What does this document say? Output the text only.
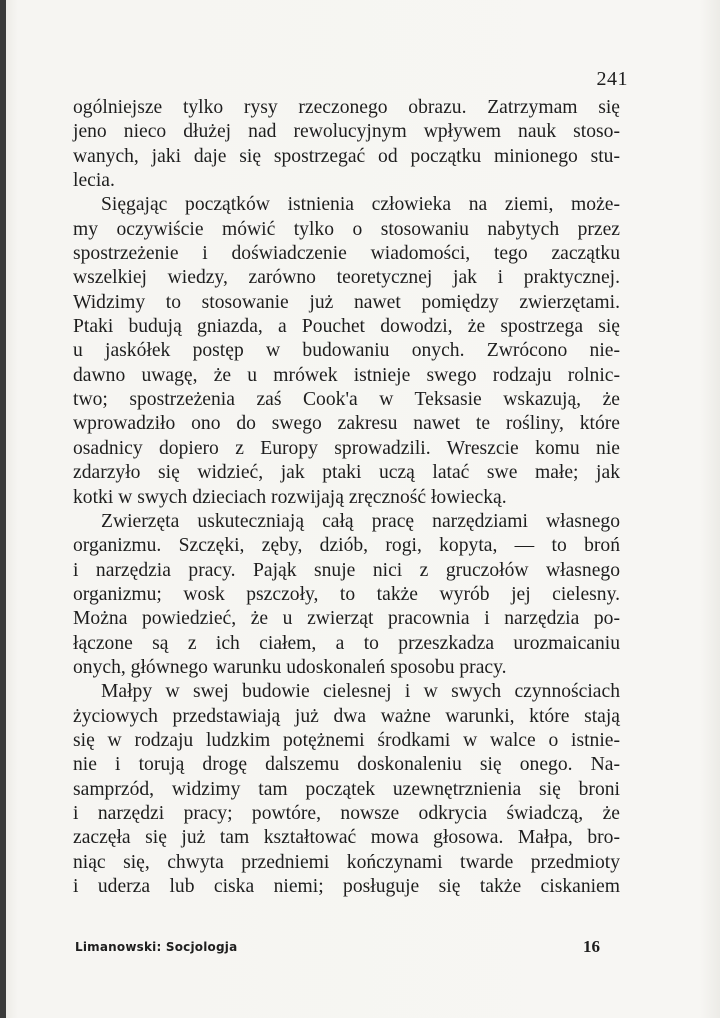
241
ogólniejsze tylko rysy rzeczonego obrazu. Zatrzymam się
jeno nieco dłużej nad rewolucyjnym wpływem nauk stoso-
wanych, jaki daje się spostrzegać od początku minionego stu-
lecia.
Sięgając początków istnienia człowieka na ziemi, może-
my oczywiście mówić tylko o stosowaniu nabytych przez
spostrzeżenie i doświadczenie wiadomości, tego zaczątku
wszelkiej wiedzy, zarówno teoretycznej jak i praktycznej.
Widzimy to stosowanie już nawet pomiędzy zwierzętami.
Ptaki budują gniazda, a Pouchet dowodzi, że spostrzega się
u jaskółek postęp w budowaniu onych. Zwrócono nie-
dawno uwagę, że u mrówek istnieje swego rodzaju rolnic-
two; spostrzeżenia zaś Cook'a w Teksasie wskazują, że
wprowadziło ono do swego zakresu nawet te rośliny, które
osadnicy dopiero z Europy sprowadzili. Wreszcie komu nie
zdarzyło się widzieć, jak ptaki uczą latać swe małe; jak
kotki w swych dzieciach rozwijają zręczność łowiecką.
Zwierzęta uskuteczniają całą pracę narzędziami własnego
organizmu. Szczęki, zęby, dziób, rogi, kopyta, — to broń
i narzędzia pracy. Pająk snuje nici z gruczołów własnego
organizmu; wosk pszczoły, to także wyrób jej cielesny.
Można powiedzieć, że u zwierząt pracownia i narzędzia po-
łączone są z ich ciałem, a to przeszkadza urozmaicaniu
onych, głównego warunku udoskonaleń sposobu pracy.
Małpy w swej budowie cielesnej i w swych czynnościach
życiowych przedstawiają już dwa ważne warunki, które stają
się w rodzaju ludzkim potężnemi środkami w walce o istnie-
nie i torują drogę dalszemu doskonaleniu się onego. Na-
samprzód, widzimy tam początek uzewnętrznienia się broni
i narzędzi pracy; powtóre, nowsze odkrycia świadczą, że
zaczęła się już tam kształtować mowa głosowa. Małpa, bro-
niąc się, chwyta przedniemi kończynami twarde przedmioty
i uderza lub ciska niemi; posługuje się także ciskaniem
Limanowski: Socjologja	16
